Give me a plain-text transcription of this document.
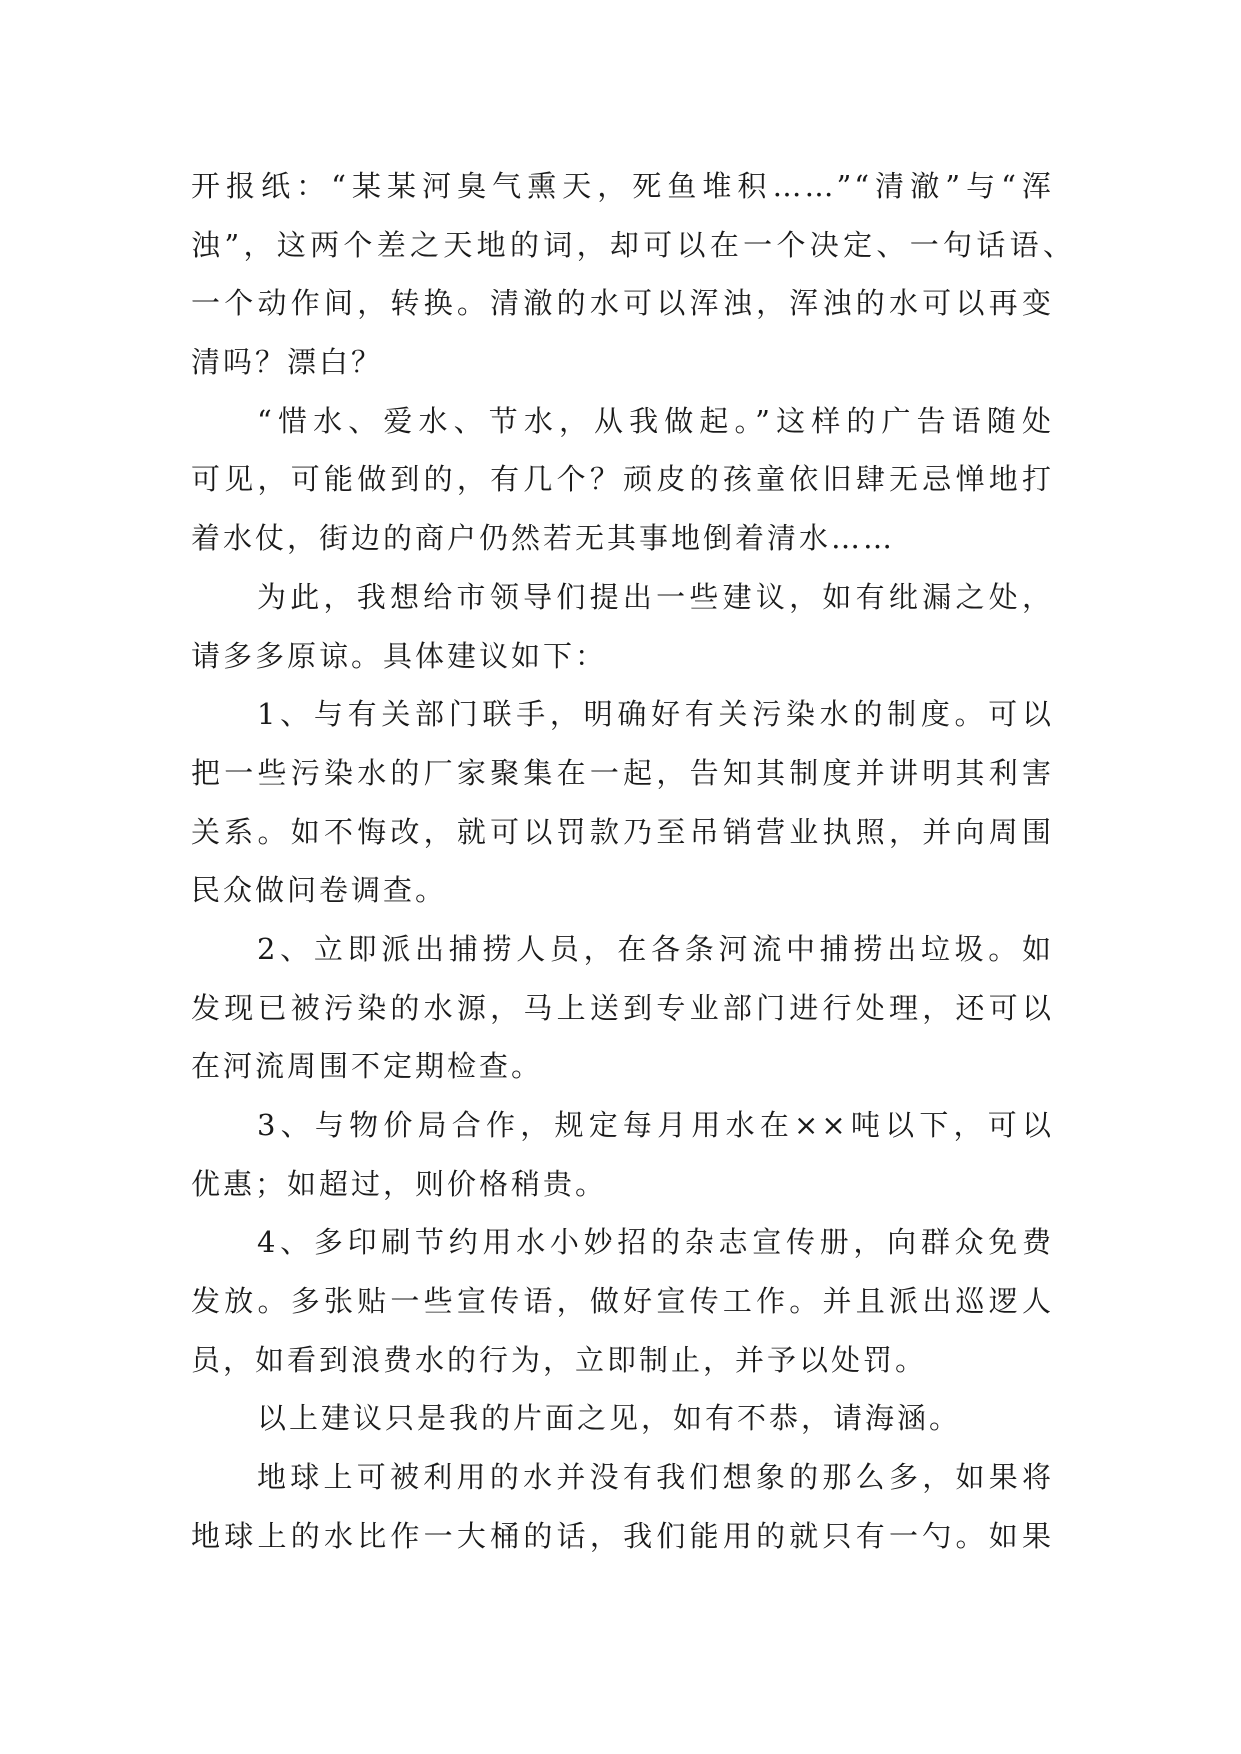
开报纸：“某某河臭气熏天，死鱼堆积……”“清澈”与“浑
浊”，这两个差之天地的词，却可以在一个决定、一句话语、
一个动作间，转换。清澈的水可以浑浊，浑浊的水可以再变
清吗？漂白？
“惜水、爱水、节水，从我做起。”这样的广告语随处
可见，可能做到的，有几个？顽皮的孩童依旧肆无忌惮地打
着水仗，街边的商户仍然若无其事地倒着清水……
为此，我想给市领导们提出一些建议，如有纰漏之处，
请多多原谅。具体建议如下：
1、与有关部门联手，明确好有关污染水的制度。可以
把一些污染水的厂家聚集在一起，告知其制度并讲明其利害
关系。如不悔改，就可以罚款乃至吊销营业执照，并向周围
民众做问卷调查。
2、立即派出捕捞人员，在各条河流中捕捞出垃圾。如
发现已被污染的水源，马上送到专业部门进行处理，还可以
在河流周围不定期检查。
3、与物价局合作，规定每月用水在××吨以下，可以
优惠；如超过，则价格稍贵。
4、多印刷节约用水小妙招的杂志宣传册，向群众免费
发放。多张贴一些宣传语，做好宣传工作。并且派出巡逻人
员，如看到浪费水的行为，立即制止，并予以处罚。
以上建议只是我的片面之见，如有不恭，请海涵。
地球上可被利用的水并没有我们想象的那么多，如果将
地球上的水比作一大桶的话，我们能用的就只有一勺。如果
